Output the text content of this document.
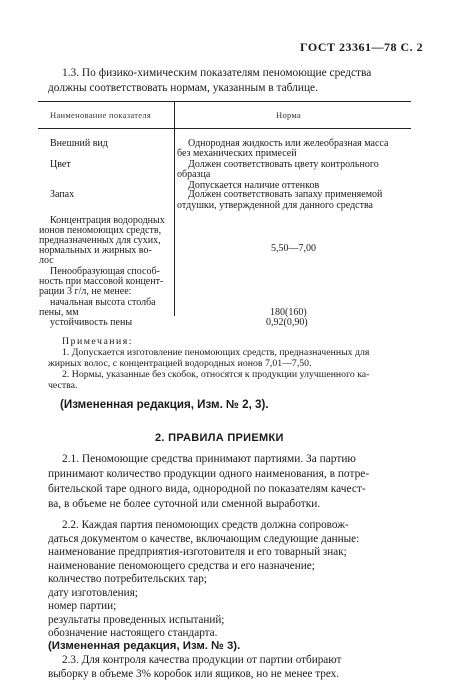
ГОСТ 23361—78 С. 2
1.3. По физико-химическим показателям пеномоющие средства
должны соответствовать нормам, указанным в таблице.
Наименование показателя	Норма
Внешний вид	Однородная жидкость или желеобразная масса
без механических примесей
Цвет	Должен соответствовать цвету контрольного
образца
Допускается наличие оттенков
Запах	Должен соответствовать запаху применяемой
отдушки, утвержденной для данного средства
Концентрация водородных
ионов пеномоющих средств,
предназначенных для сухих,
нормальных и жирных во-
лос
5,50—7,00
Пенообразующая способ-
ность при массовой концент-
рации 3 г/л, не менее:
начальная высота столба
пены, мм	180(160)
устойчивость пены	0,92(0,90)
Примечания:
1. Допускается изготовление пеномоющих средств, предназначенных для
жирных волос, с концентрацией водородных ионов 7,01—7,50.
2. Нормы, указанные без скобок, относятся к продукции улучшенного ка-
чества.
(Измененная редакция, Изм. № 2, 3).
2. ПРАВИЛА ПРИЕМКИ
2.1. Пеномоющие средства принимают партиями. За партию
принимают количество продукции одного наименования, в потре-
бительской таре одного вида, однородной по показателям качест-
ва, в объеме не более суточной или сменной выработки.
2.2. Каждая партия пеномоющих средств должна сопровож-
даться документом о качестве, включающим следующие данные:
наименование предприятия-изготовителя и его товарный знак;
наименование пеномоющего средства и его назначение;
количество потребительских тар;
дату изготовления;
номер партии;
результаты проведенных испытаний;
обозначение настоящего стандарта.
(Измененная редакция, Изм. № 3).
2.3. Для контроля качества продукции от партии отбирают
выборку в объеме 3% коробок или ящиков, но не менее трех.
